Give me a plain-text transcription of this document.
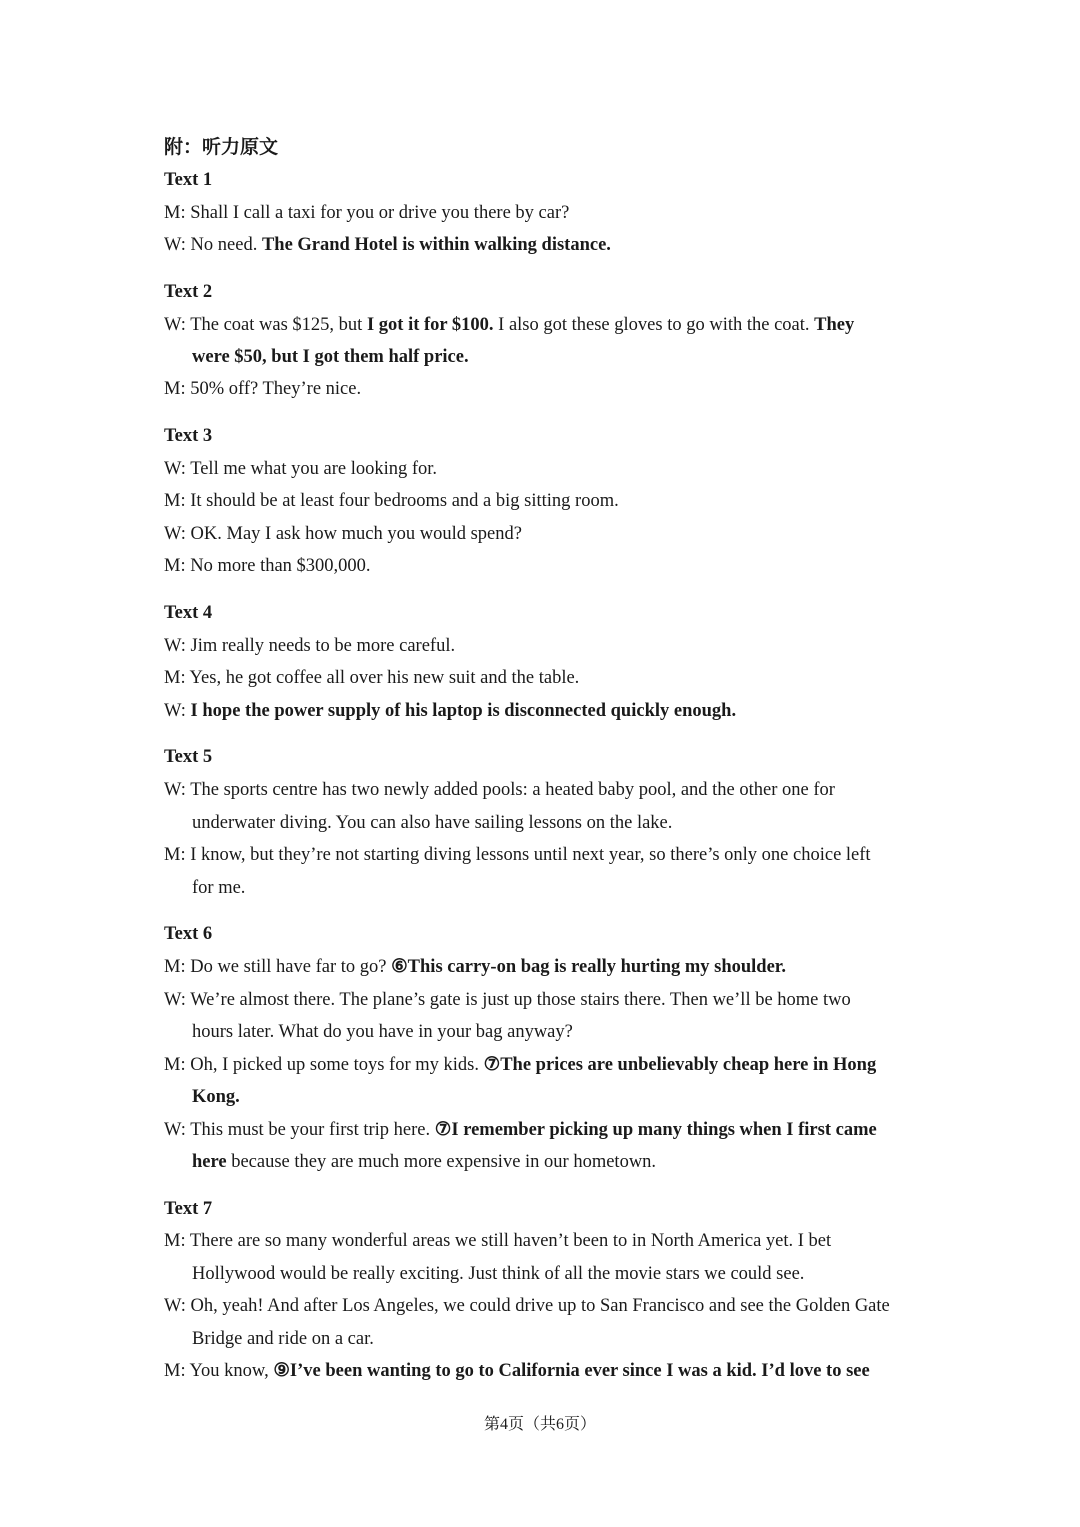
附：听力原文
Text 1
M: Shall I call a taxi for you or drive you there by car?
W: No need. The Grand Hotel is within walking distance.
Text 2
W: The coat was $125, but I got it for $100. I also got these gloves to go with the coat. They
were $50, but I got them half price.
M: 50% off? They’re nice.
Text 3
W: Tell me what you are looking for.
M: It should be at least four bedrooms and a big sitting room.
W: OK. May I ask how much you would spend?
M: No more than $300,000.
Text 4
W: Jim really needs to be more careful.
M: Yes, he got coffee all over his new suit and the table.
W: I hope the power supply of his laptop is disconnected quickly enough.
Text 5
W: The sports centre has two newly added pools: a heated baby pool, and the other one for
underwater diving. You can also have sailing lessons on the lake.
M: I know, but they’re not starting diving lessons until next year, so there’s only one choice left
for me.
Text 6
M: Do we still have far to go? ⑥This carry-on bag is really hurting my shoulder.
W: We’re almost there. The plane’s gate is just up those stairs there. Then we’ll be home two
hours later. What do you have in your bag anyway?
M: Oh, I picked up some toys for my kids. ⑦The prices are unbelievably cheap here in Hong
Kong.
W: This must be your first trip here. ⑦I remember picking up many things when I first came
here because they are much more expensive in our hometown.
Text 7
M: There are so many wonderful areas we still haven’t been to in North America yet. I bet
Hollywood would be really exciting. Just think of all the movie stars we could see.
W: Oh, yeah! And after Los Angeles, we could drive up to San Francisco and see the Golden Gate
Bridge and ride on a car.
M: You know, ⑨I’ve been wanting to go to California ever since I was a kid. I’d love to see
第4页（共6页）
